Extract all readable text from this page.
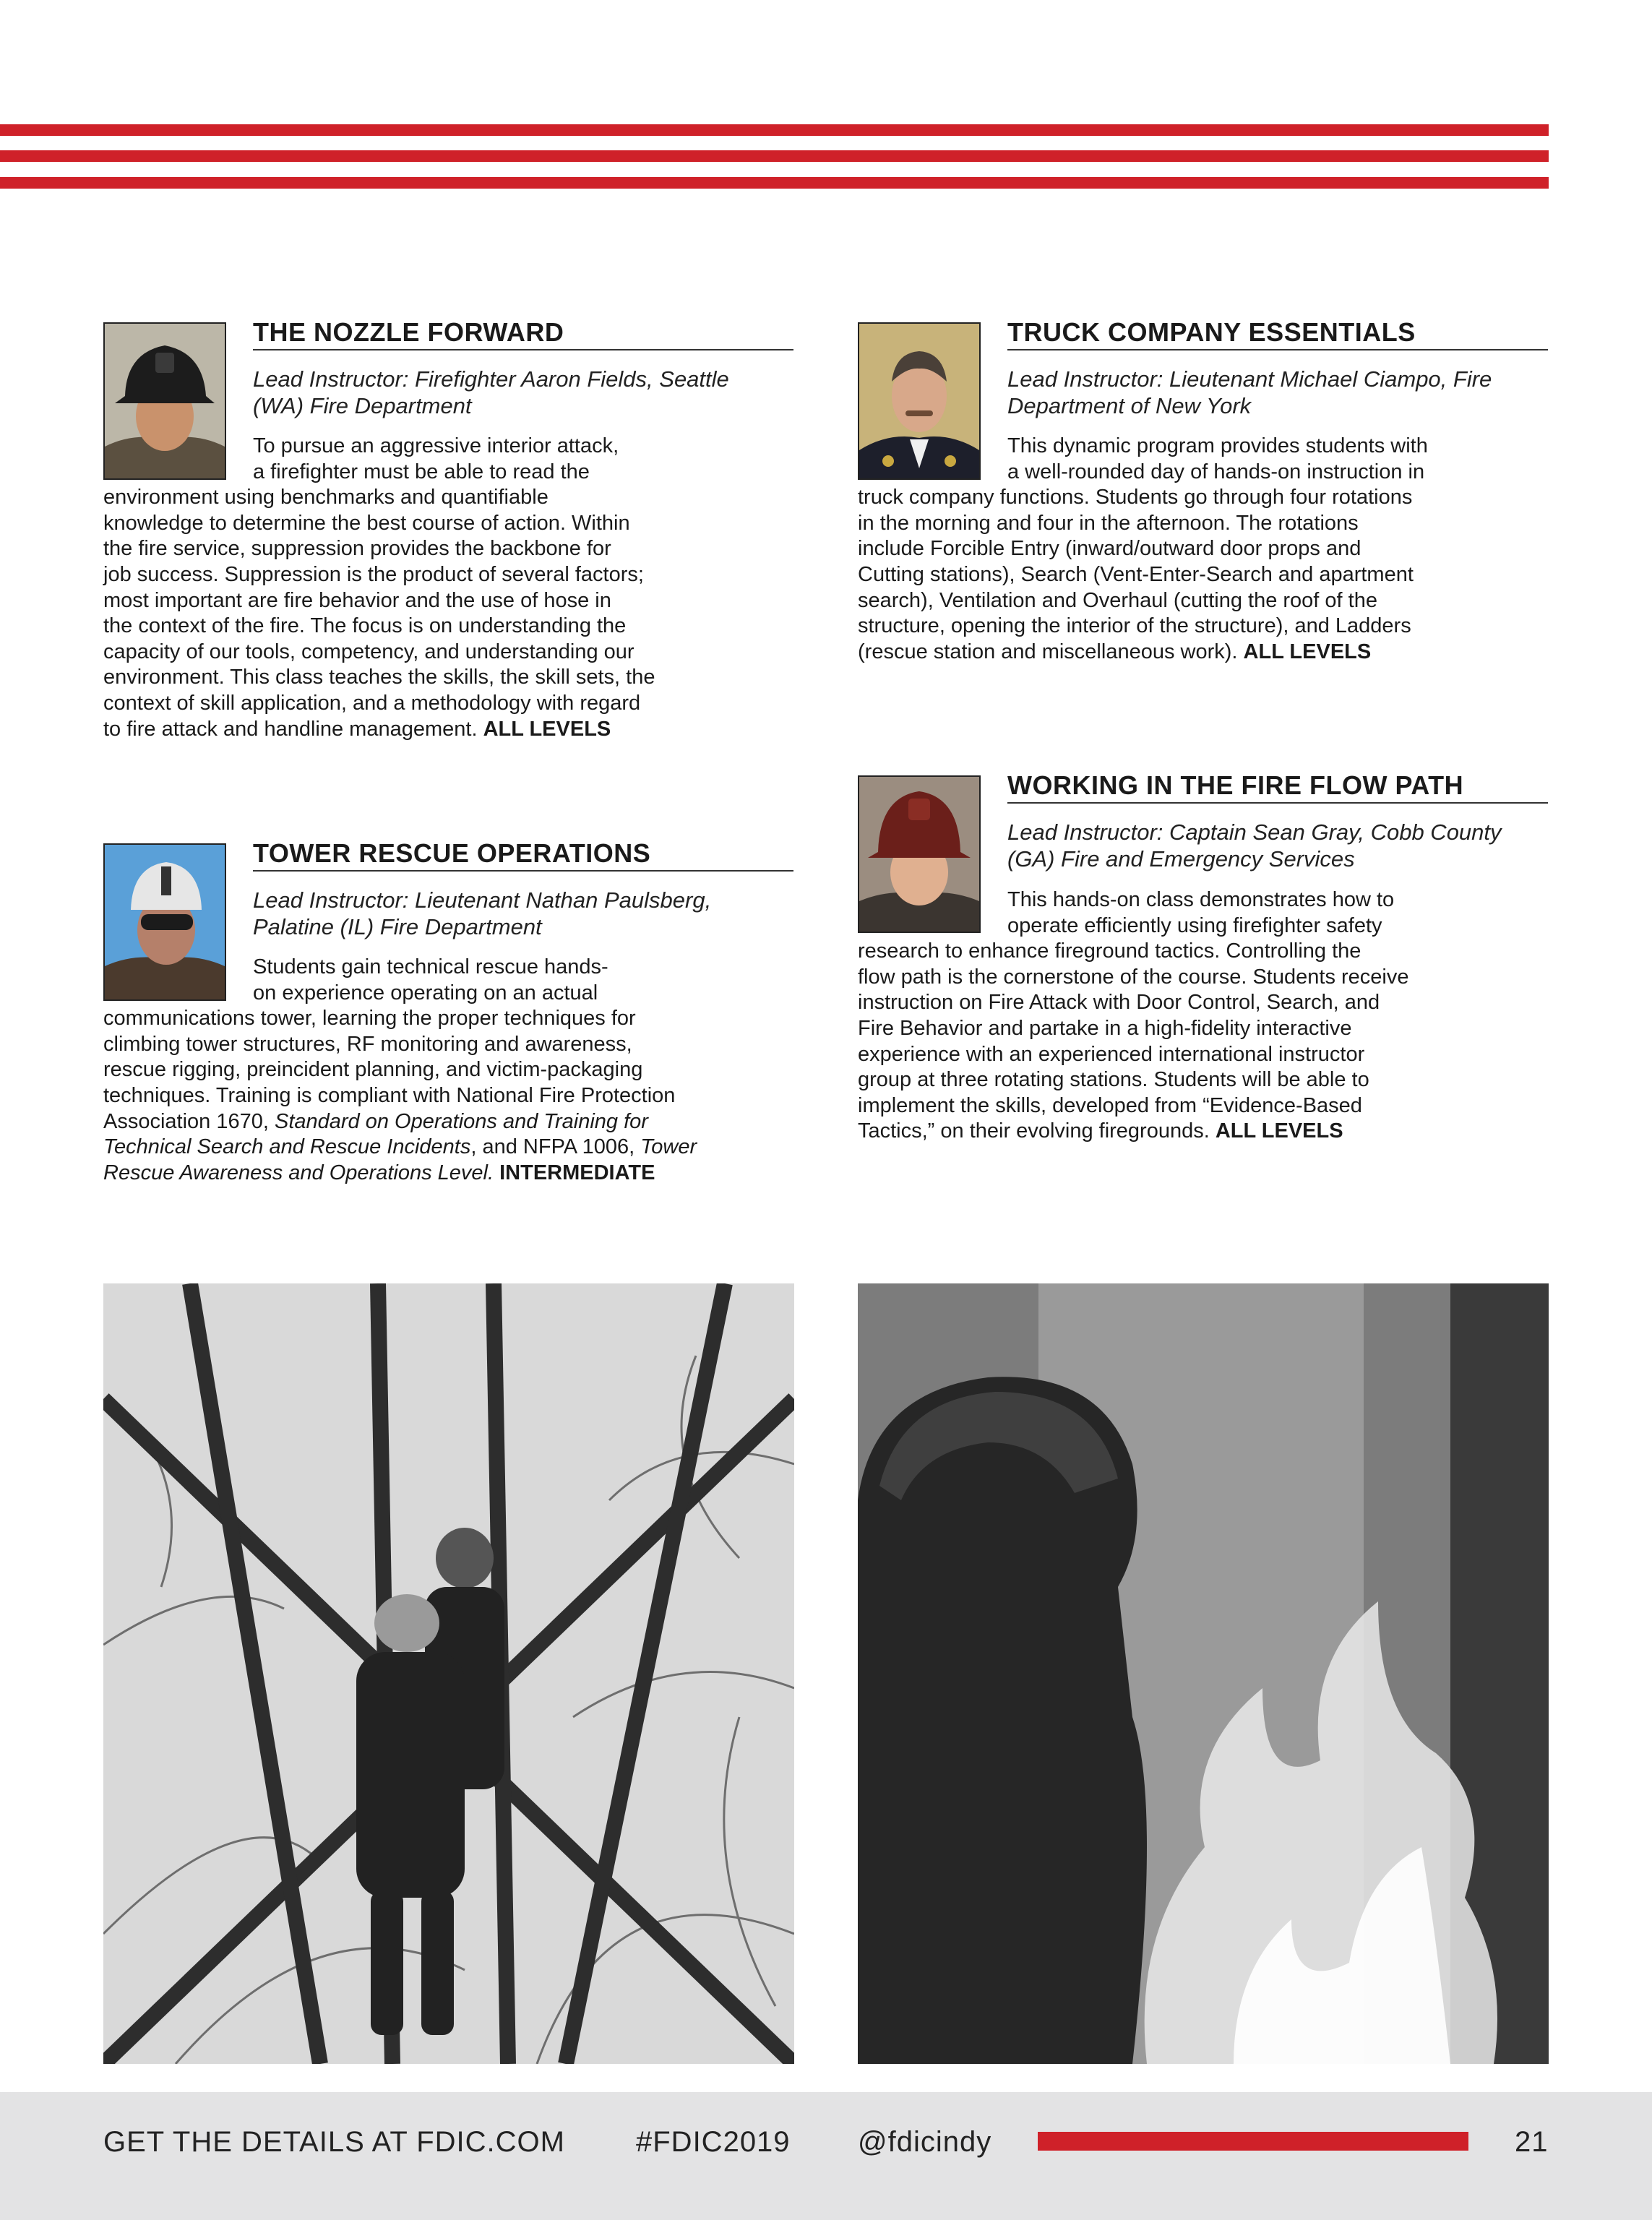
THE NOZZLE FORWARD

Lead Instructor: Firefighter Aaron Fields, Seattle (WA) Fire Department

To pursue an aggressive interior attack,
a firefighter must be able to read the
environment using benchmarks and quantifiable
knowledge to determine the best course of action. Within
the fire service, suppression provides the backbone for
job success. Suppression is the product of several factors;
most important are fire behavior and the use of hose in
the context of the fire. The focus is on understanding the
capacity of our tools, competency, and understanding our
environment. This class teaches the skills, the skill sets, the
context of skill application, and a methodology with regard
to fire attack and handline management. ALL LEVELS
TRUCK COMPANY ESSENTIALS

Lead Instructor: Lieutenant Michael Ciampo, Fire Department of New York

This dynamic program provides students with
a well-rounded day of hands-on instruction in
truck company functions. Students go through four rotations
in the morning and four in the afternoon. The rotations
include Forcible Entry (inward/outward door props and
Cutting stations), Search (Vent-Enter-Search and apartment
search), Ventilation and Overhaul (cutting the roof of the
structure, opening the interior of the structure), and Ladders
(rescue station and miscellaneous work). ALL LEVELS
WORKING IN THE FIRE FLOW PATH

Lead Instructor: Captain Sean Gray, Cobb County (GA) Fire and Emergency Services

This hands-on class demonstrates how to
operate efficiently using firefighter safety
research to enhance fireground tactics. Controlling the
flow path is the cornerstone of the course. Students receive
instruction on Fire Attack with Door Control, Search, and
Fire Behavior and partake in a high-fidelity interactive
experience with an experienced international instructor
group at three rotating stations. Students will be able to
implement the skills, developed from “Evidence-Based
Tactics,” on their evolving firegrounds. ALL LEVELS
TOWER RESCUE OPERATIONS

Lead Instructor: Lieutenant Nathan Paulsberg, Palatine (IL) Fire Department

Students gain technical rescue hands-
on experience operating on an actual
communications tower, learning the proper techniques for
climbing tower structures, RF monitoring and awareness,
rescue rigging, preincident planning, and victim-packaging
techniques. Training is compliant with National Fire Protection
Association 1670, Standard on Operations and Training for
Technical Search and Rescue Incidents, and NFPA 1006, Tower
Rescue Awareness and Operations Level. INTERMEDIATE
GET THE DETAILS AT FDIC.COM #FDIC2019 @fdicindy	21
